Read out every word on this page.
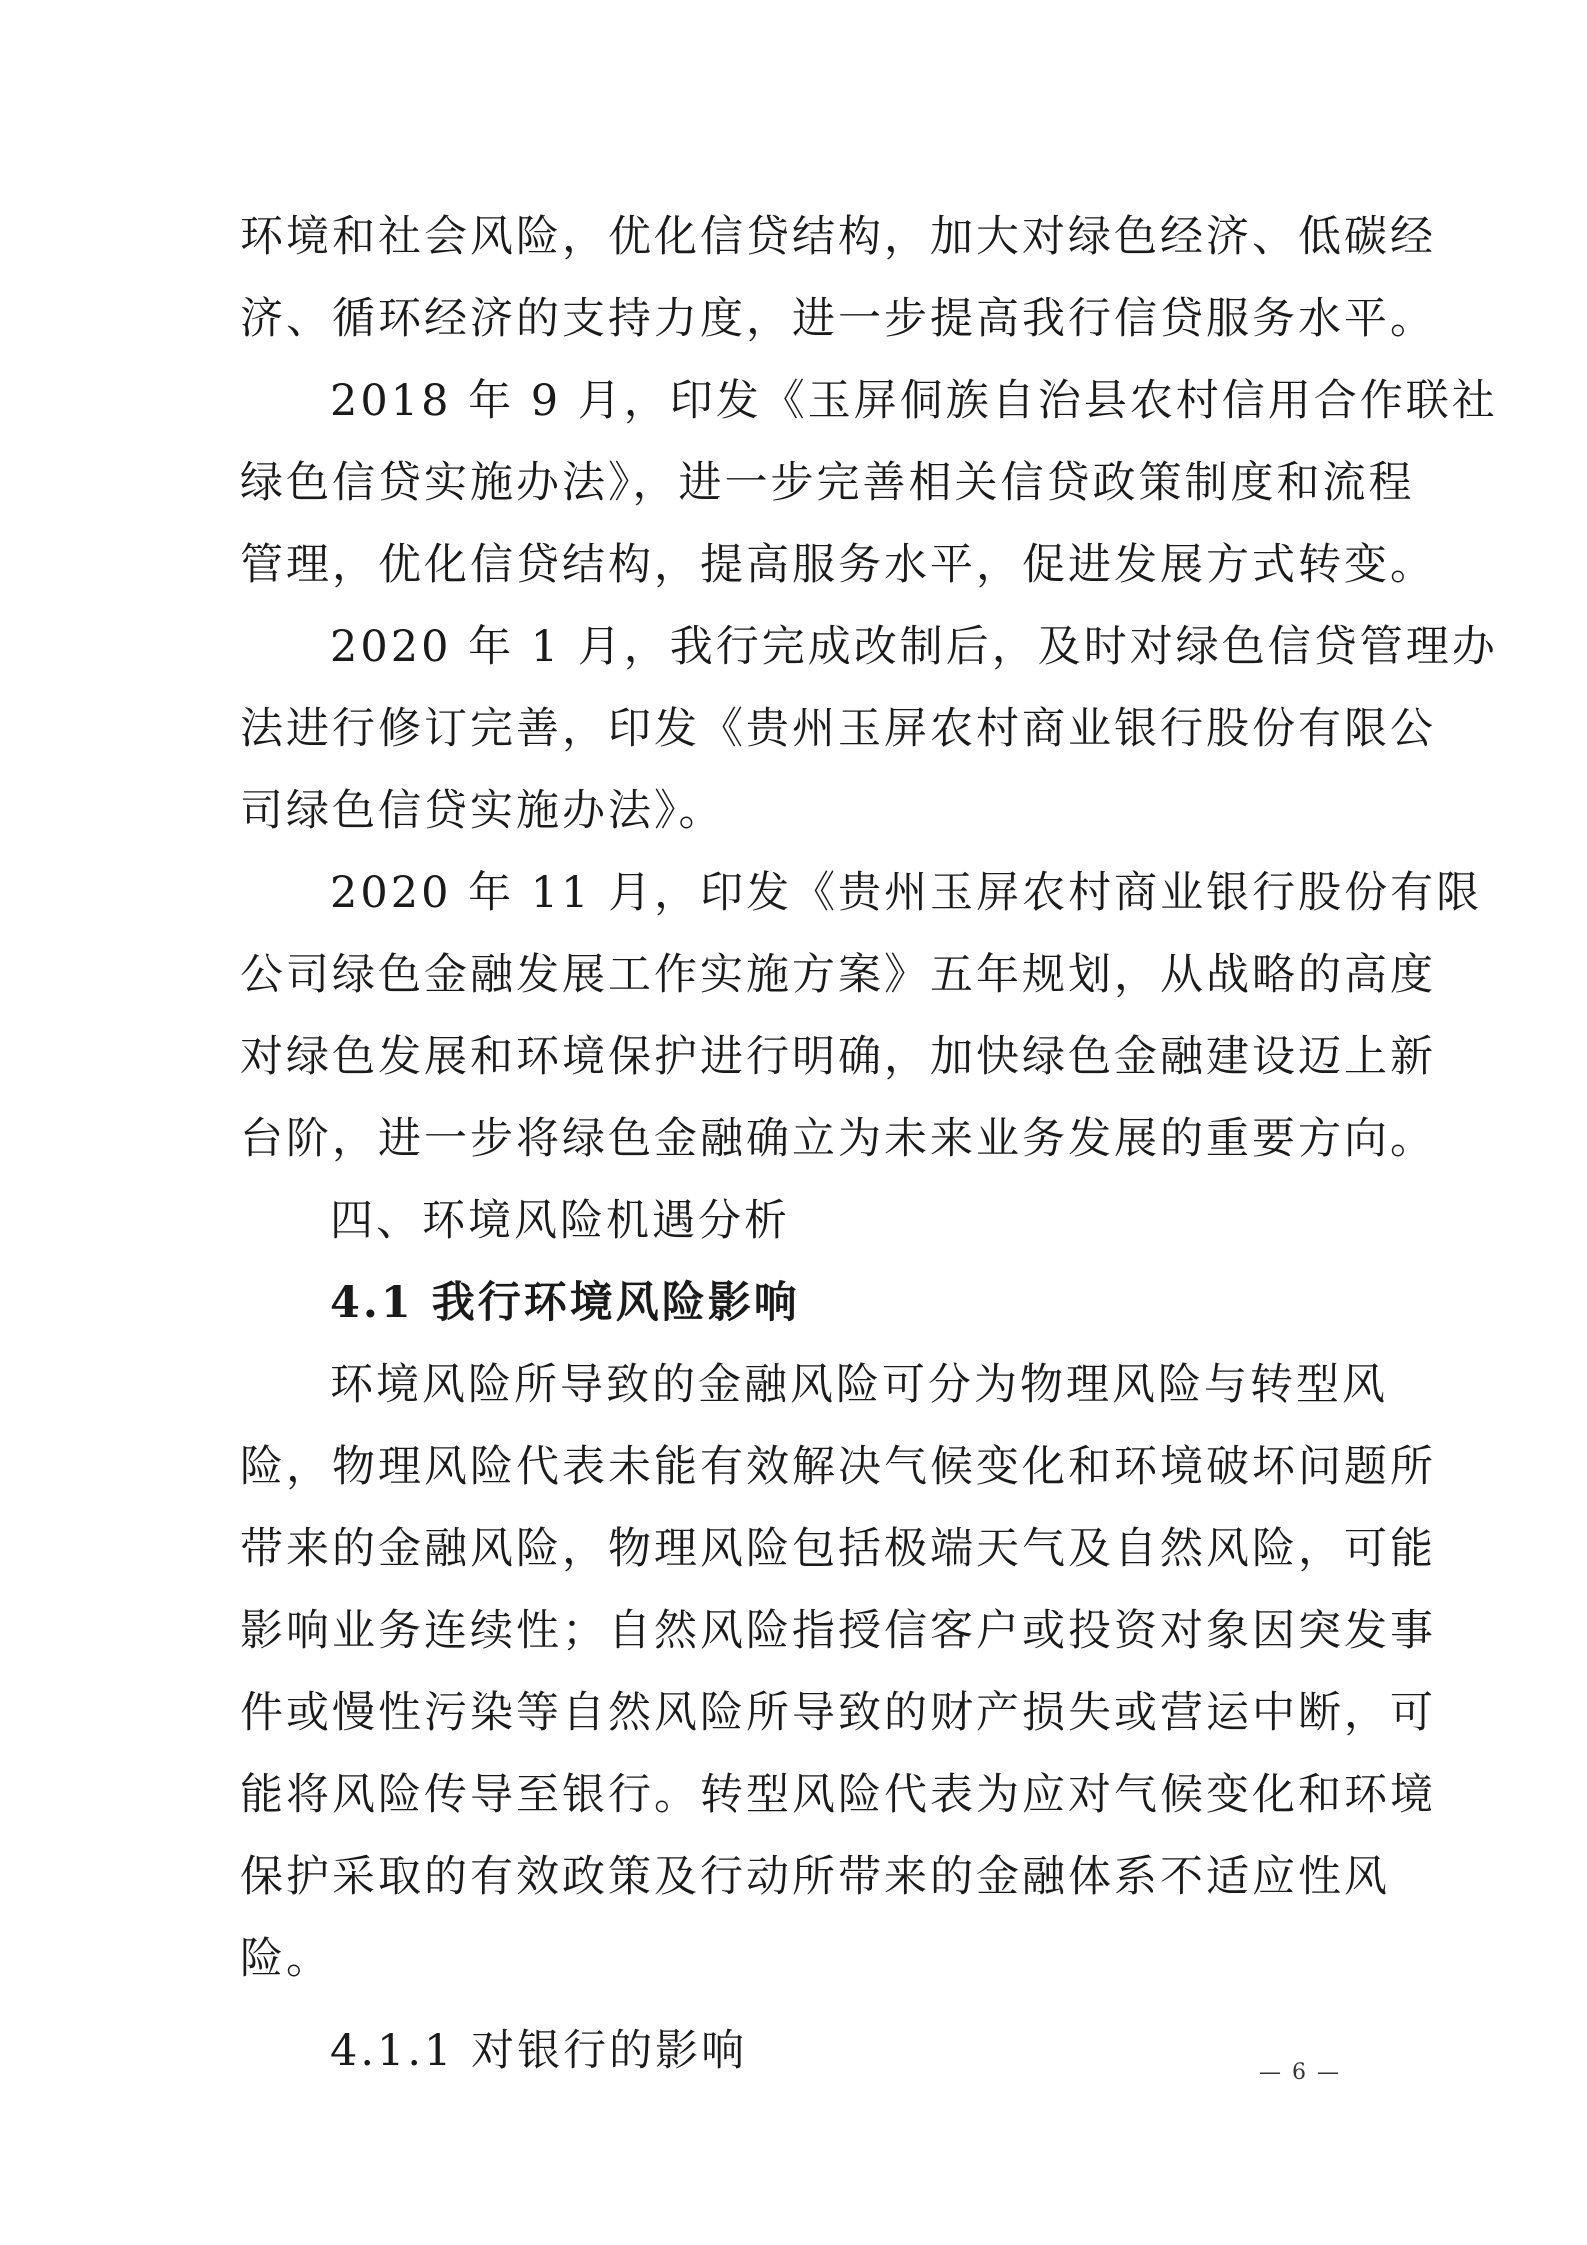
环境和社会风险，优化信贷结构，加大对绿色经济、低碳经
济、循环经济的支持力度，进一步提高我行信贷服务水平。
2018 年 9 月，印发《玉屏侗族自治县农村信用合作联社
绿色信贷实施办法》，进一步完善相关信贷政策制度和流程
管理，优化信贷结构，提高服务水平，促进发展方式转变。
2020 年 1 月，我行完成改制后，及时对绿色信贷管理办
法进行修订完善，印发《贵州玉屏农村商业银行股份有限公
司绿色信贷实施办法》。
2020 年 11 月，印发《贵州玉屏农村商业银行股份有限
公司绿色金融发展工作实施方案》五年规划，从战略的高度
对绿色发展和环境保护进行明确，加快绿色金融建设迈上新
台阶，进一步将绿色金融确立为未来业务发展的重要方向。
四、环境风险机遇分析
4.1 我行环境风险影响
环境风险所导致的金融风险可分为物理风险与转型风
险，物理风险代表未能有效解决气候变化和环境破坏问题所
带来的金融风险，物理风险包括极端天气及自然风险，可能
影响业务连续性；自然风险指授信客户或投资对象因突发事
件或慢性污染等自然风险所导致的财产损失或营运中断，可
能将风险传导至银行。转型风险代表为应对气候变化和环境
保护采取的有效政策及行动所带来的金融体系不适应性风
险。
4.1.1 对银行的影响	— 6 —
